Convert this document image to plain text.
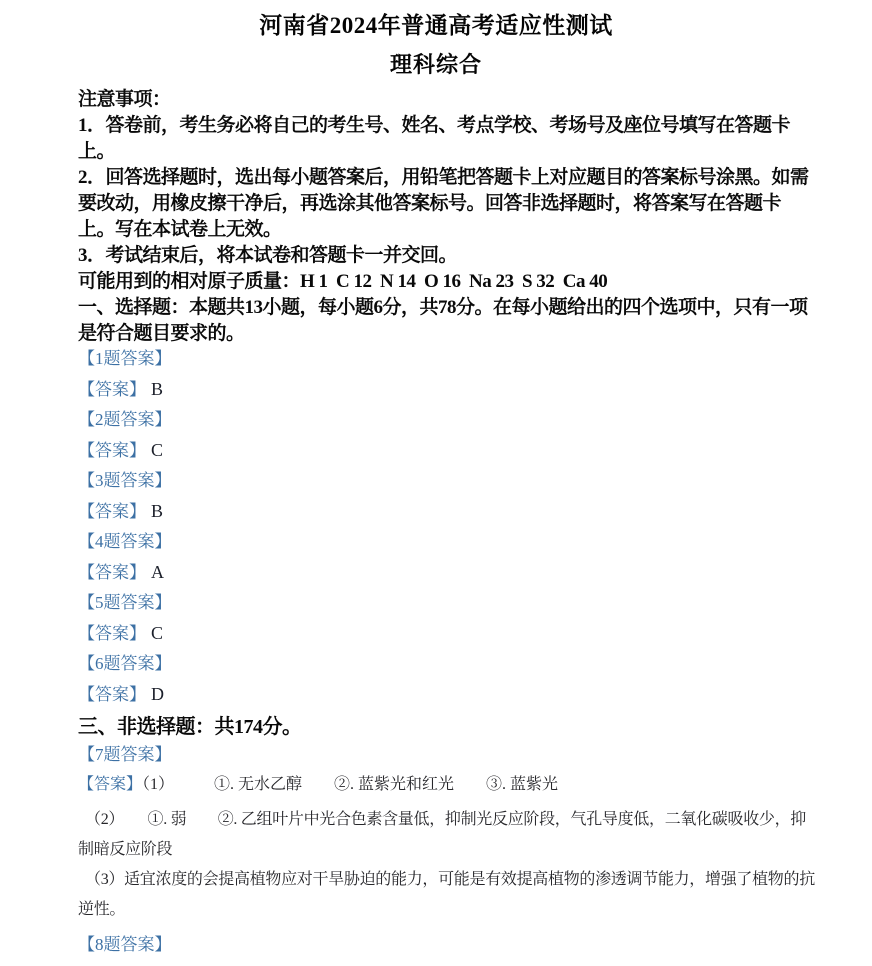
河南省2024年普通高考适应性测试

理科综合

注意事项：

1．答卷前，考生务必将自己的考生号、姓名、考点学校、考场号及座位号填写在答题卡上。

2．回答选择题时，选出每小题答案后，用铅笔把答题卡上对应题目的答案标号涂黑。如需要改动，用橡皮擦干净后，再选涂其他答案标号。回答非选择题时，将答案写在答题卡上。写在本试卷上无效。

3．考试结束后，将本试卷和答题卡一并交回。

可能用到的相对原子质量：H 1  C 12  N 14  O 16  Na 23  S 32  Ca 40

一、选择题：本题共13小题，每小题6分，共78分。在每小题给出的四个选项中，只有一项是符合题目要求的。

【1题答案】

【答案】 B

【2题答案】

【答案】 C

【3题答案】

【答案】 B

【4题答案】

【答案】 A

【5题答案】

【答案】 C

【6题答案】

【答案】 D

三、非选择题：共174分。

【7题答案】

【答案】（1）　　　①. 无水乙醇　　②. 蓝紫光和红光　　③. 蓝紫光

（2）　　①. 弱　　②. 乙组叶片中光合色素含量低，抑制光反应阶段，气孔导度低，二氧化碳吸收少，抑制暗反应阶段

（3）适宜浓度的会提高植物应对干旱胁迫的能力，可能是有效提高植物的渗透调节能力，增强了植物的抗逆性。

【8题答案】
